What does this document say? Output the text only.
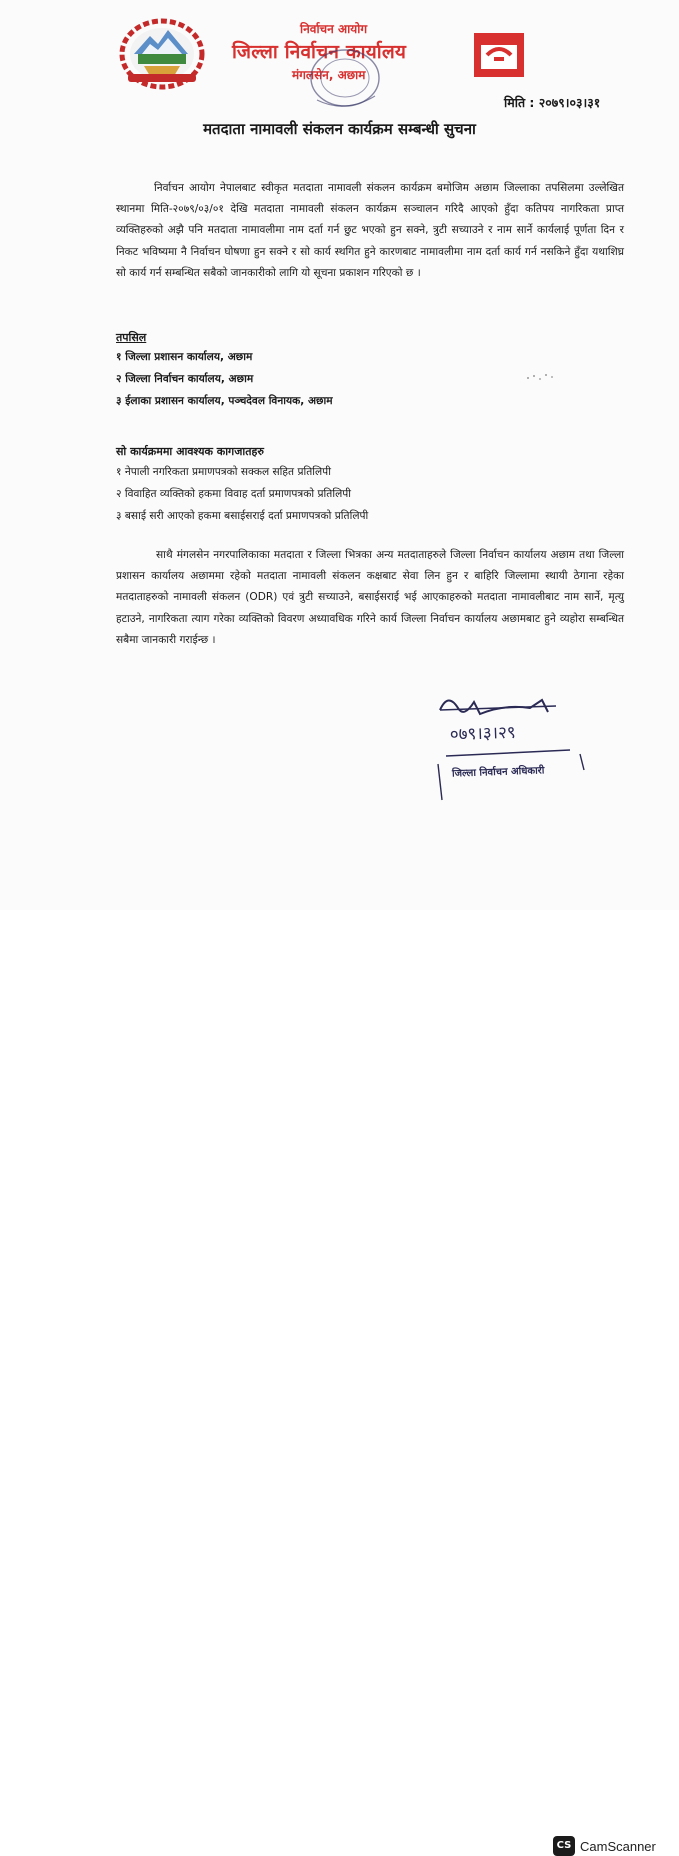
निर्वाचन आयोग
जिल्ला निर्वाचन कार्यालय
मंगलसेन, अछाम
मिति : २०७९।०३।३१
मतदाता नामावली संकलन कार्यक्रम सम्बन्धी सुचना
निर्वाचन आयोग नेपालबाट स्वीकृत मतदाता नामावली संकलन कार्यक्रम बमोजिम अछाम जिल्लाका तपसिलमा उल्लेखित स्थानमा मिति-२०७९/०३/०१ देखि मतदाता नामावली संकलन कार्यक्रम सञ्चालन गरिदै आएको हुँदा कतिपय नागरिकता प्राप्त व्यक्तिहरुको अझै पनि मतदाता नामावलीमा नाम दर्ता गर्न छुट भएको हुन सक्ने, त्रुटी सच्याउने र नाम सार्ने कार्यलाई पूर्णता दिन र निकट भविष्यमा नै निर्वाचन घोषणा हुन सक्ने र सो कार्य स्थगित हुने कारणबाट नामावलीमा नाम दर्ता कार्य गर्न नसकिने हुँदा यथाशिघ्र सो कार्य गर्न सम्बन्धित सबैको जानकारीको लागि यो सूचना प्रकाशन गरिएको छ ।
तपसिल
१ जिल्ला प्रशासन कार्यालय, अछाम
२ जिल्ला निर्वाचन कार्यालय, अछाम
३ ईलाका प्रशासन कार्यालय, पञ्चदेवल विनायक, अछाम
सो कार्यक्रममा आवश्यक कागजातहरु
१ नेपाली नगरिकता प्रमाणपत्रको सक्कल सहित प्रतिलिपी
२ विवाहित व्यक्तिको हकमा विवाह दर्ता प्रमाणपत्रको प्रतिलिपी
३ बसाई सरी आएको हकमा बसाईसराई दर्ता प्रमाणपत्रको प्रतिलिपी
साथै मंगलसेन नगरपालिकाका मतदाता र जिल्ला भित्रका अन्य मतदाताहरुले जिल्ला निर्वाचन कार्यालय अछाम तथा जिल्ला प्रशासन कार्यालय अछाममा रहेको मतदाता नामावली संकलन कक्षबाट सेवा लिन हुन र बाहिरि जिल्लामा स्थायी ठेगाना रहेका मतदाताहरुको नामावली संकलन (ODR) एवं त्रुटी सच्याउने, बसाईसराई भई आएकाहरुको मतदाता नामावलीबाट नाम सार्ने, मृत्यु हटाउने, नागरिकता त्याग गरेका व्यक्तिको विवरण अध्यावधिक गरिने कार्य जिल्ला निर्वाचन कार्यालय अछामबाट हुने व्यहोरा सम्बन्धित सबैमा जानकारी गराईन्छ ।
०७९।३।२९
जिल्ला निर्वाचन अधिकारी
CS CamScanner
